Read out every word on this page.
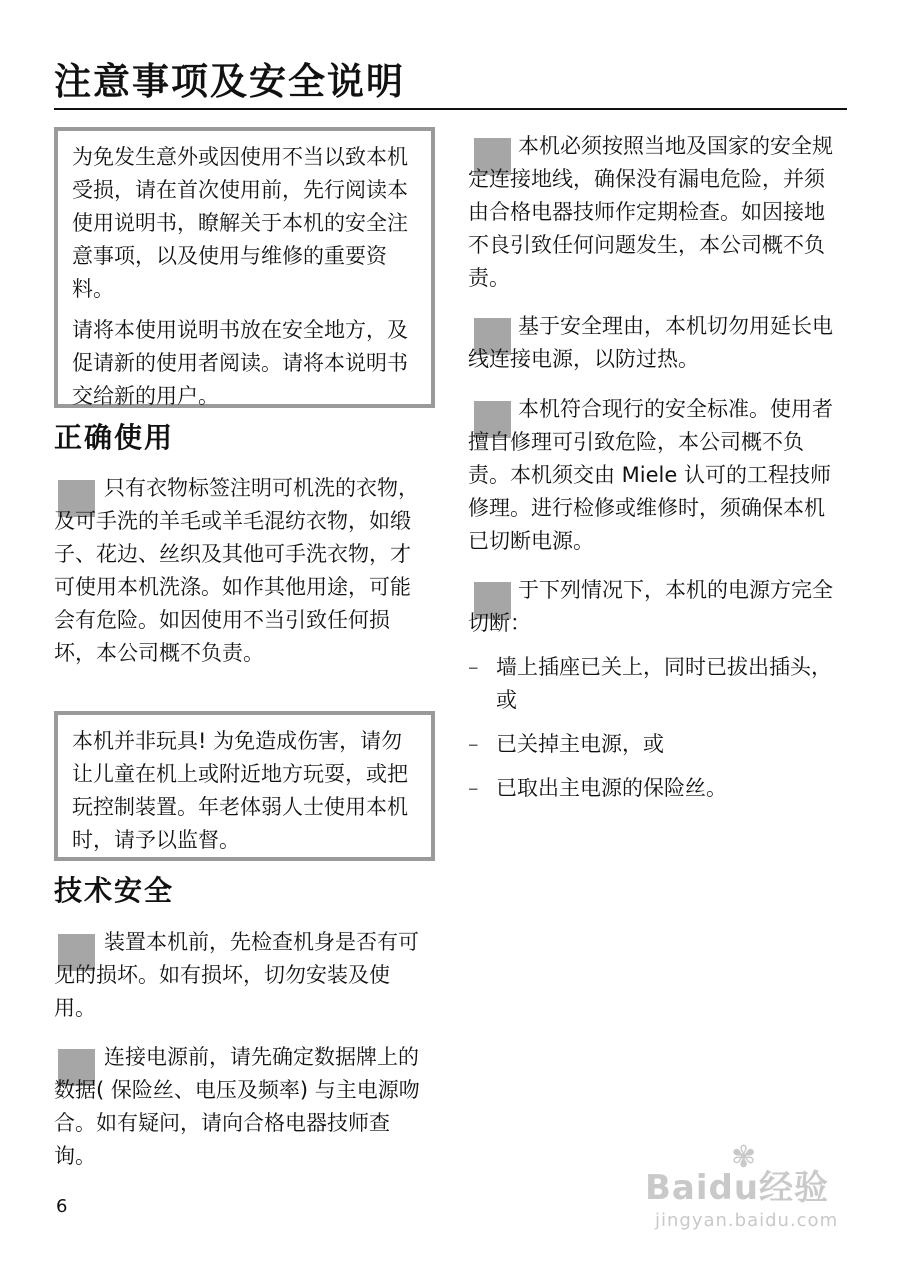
注意事项及安全说明

为免发生意外或因使用不当以致本机受损，请在首次使用前，先行阅读本使用说明书，瞭解关于本机的安全注意事项，以及使用与维修的重要资料。

请将本使用说明书放在安全地方，及促请新的使用者阅读。请将本说明书交给新的用户。

正确使用
只有衣物标签注明可机洗的衣物，及可手洗的羊毛或羊毛混纺衣物，如缎子、花边、丝织及其他可手洗衣物，才可使用本机洗涤。如作其他用途，可能会有危险。如因使用不当引致任何损坏，本公司概不负责。

本机并非玩具! 为免造成伤害，请勿让儿童在机上或附近地方玩耍，或把玩控制装置。年老体弱人士使用本机时，请予以监督。

技术安全
装置本机前，先检查机身是否有可见的损坏。如有损坏，切勿安装及使用。
连接电源前，请先确定数据牌上的数据( 保险丝、电压及频率) 与主电源吻合。如有疑问，请向合格电器技师查询。
本机必须按照当地及国家的安全规定连接地线，确保没有漏电危险，并须由合格电器技师作定期检查。如因接地不良引致任何问题发生，本公司概不负责。
基于安全理由，本机切勿用延长电线连接电源，以防过热。
本机符合现行的安全标准。使用者擅自修理可引致危险，本公司概不负责。本机须交由 Miele 认可的工程技师修理。进行检修或维修时，须确保本机已切断电源。
于下列情况下，本机的电源方完全切断：
– 墙上插座已关上，同时已拔出插头，或
– 已关掉主电源，或
– 已取出主电源的保险丝。
6
✾
Baidu经验
jingyan.baidu.com
